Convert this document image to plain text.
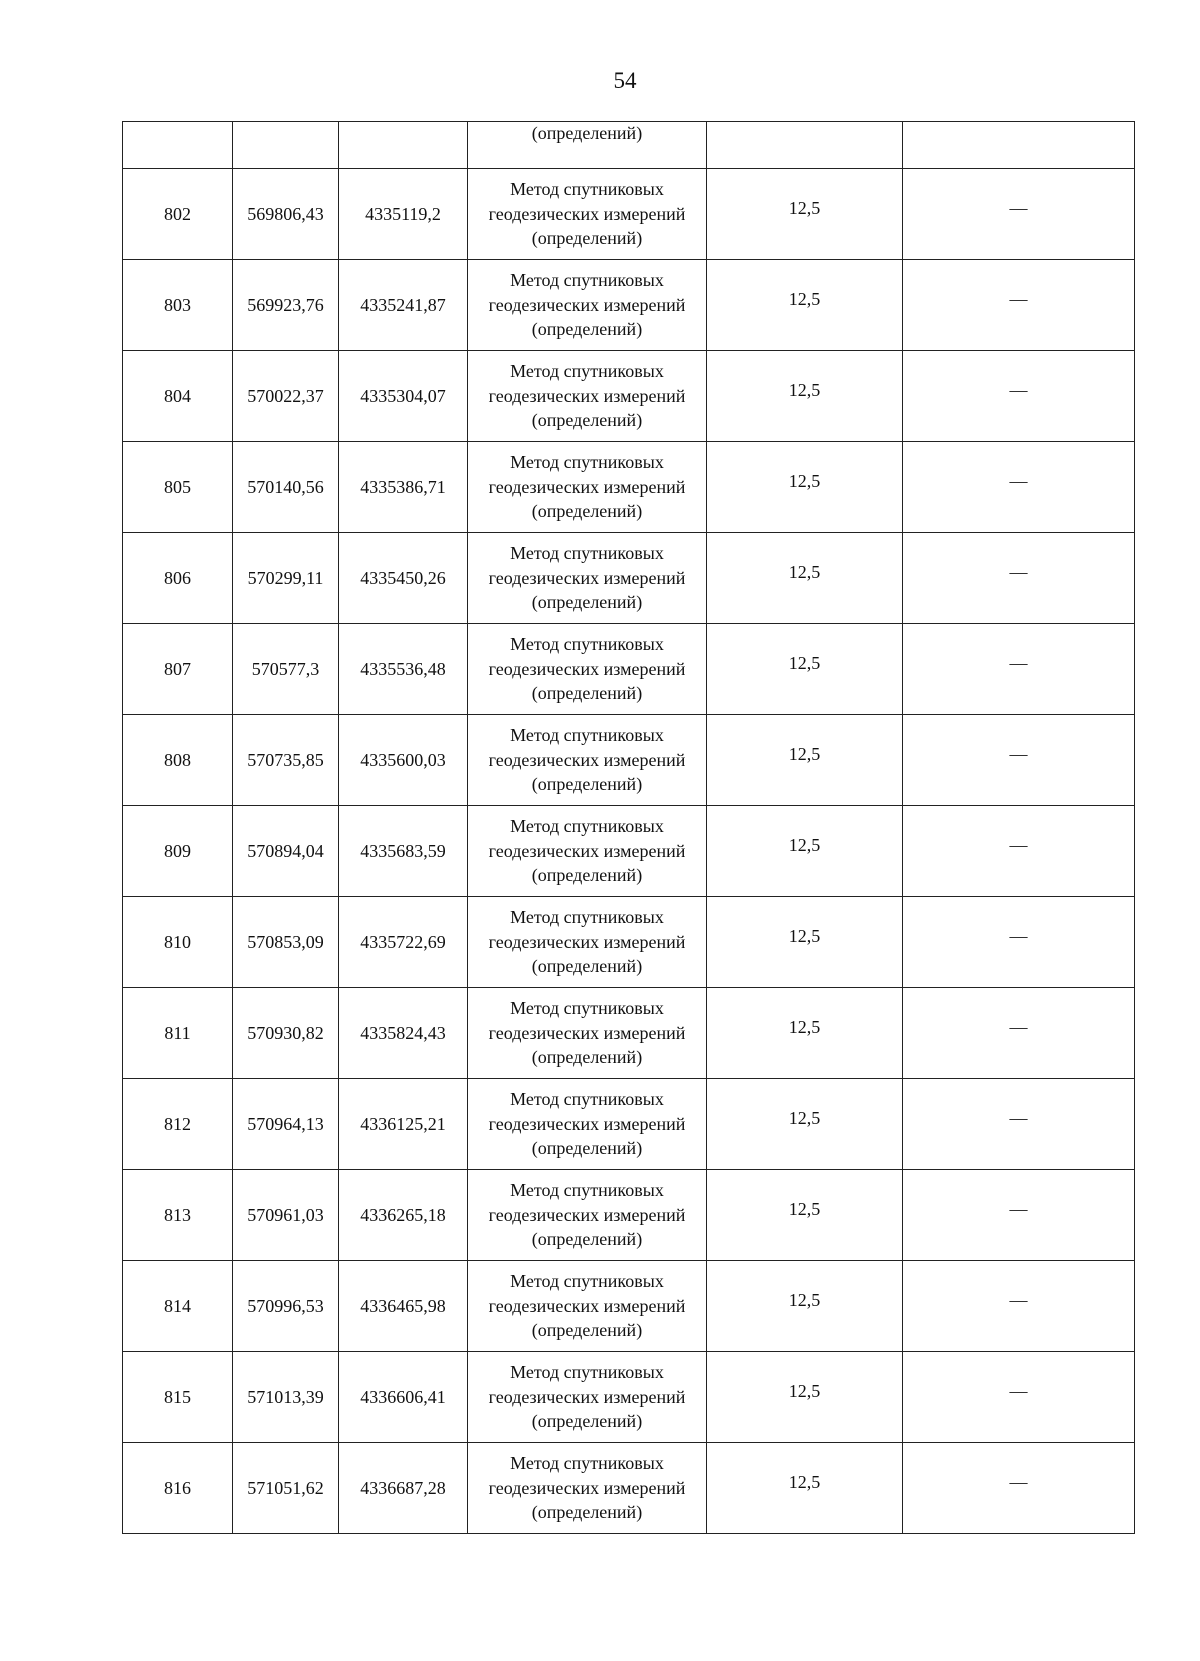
54
			(определений)		
802	569806,43	4335119,2	Метод спутниковых
геодезических измерений
(определений)	12,5	—
803	569923,76	4335241,87	Метод спутниковых
геодезических измерений
(определений)	12,5	—
804	570022,37	4335304,07	Метод спутниковых
геодезических измерений
(определений)	12,5	—
805	570140,56	4335386,71	Метод спутниковых
геодезических измерений
(определений)	12,5	—
806	570299,11	4335450,26	Метод спутниковых
геодезических измерений
(определений)	12,5	—
807	570577,3	4335536,48	Метод спутниковых
геодезических измерений
(определений)	12,5	—
808	570735,85	4335600,03	Метод спутниковых
геодезических измерений
(определений)	12,5	—
809	570894,04	4335683,59	Метод спутниковых
геодезических измерений
(определений)	12,5	—
810	570853,09	4335722,69	Метод спутниковых
геодезических измерений
(определений)	12,5	—
811	570930,82	4335824,43	Метод спутниковых
геодезических измерений
(определений)	12,5	—
812	570964,13	4336125,21	Метод спутниковых
геодезических измерений
(определений)	12,5	—
813	570961,03	4336265,18	Метод спутниковых
геодезических измерений
(определений)	12,5	—
814	570996,53	4336465,98	Метод спутниковых
геодезических измерений
(определений)	12,5	—
815	571013,39	4336606,41	Метод спутниковых
геодезических измерений
(определений)	12,5	—
816	571051,62	4336687,28	Метод спутниковых
геодезических измерений
(определений)	12,5	—
